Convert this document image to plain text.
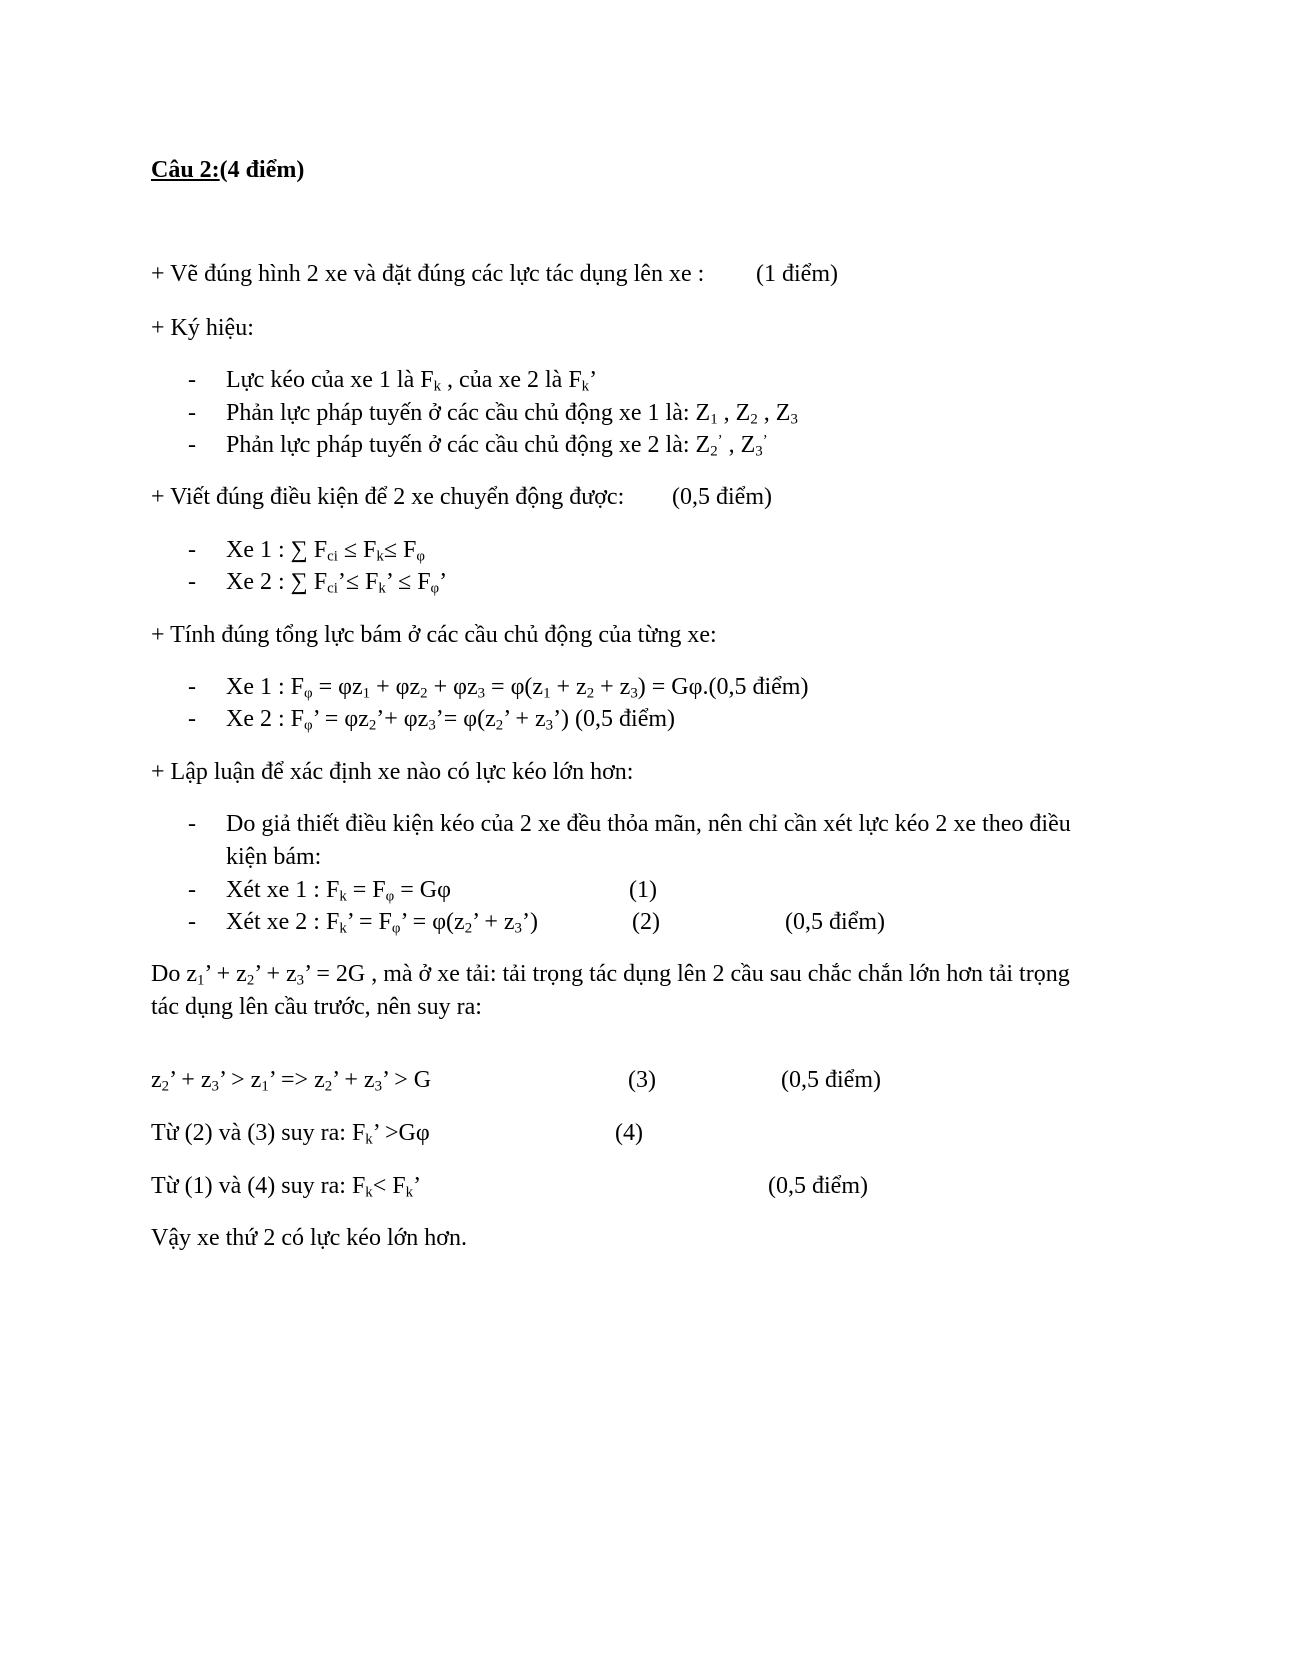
Câu 2:(4 điểm)
+ Vẽ đúng hình 2 xe và đặt đúng các lực tác dụng lên xe : (1 điểm)
+ Ký hiệu:
- Lực kéo của xe 1 là $F_k$ , của xe 2 là $F_k$’
- Phản lực pháp tuyến ở các cầu chủ động xe 1 là: $Z_1$ , $Z_2$ , $Z_3$
- Phản lực pháp tuyến ở các cầu chủ động xe 2 là: $Z_2^’$ , $Z_3^’$
+ Viết đúng điều kiện để 2 xe chuyển động được: (0,5 điểm)
- Xe 1 : ∑ $F_{ci} \le F_k\le F_\varphi$
- Xe 2 : ∑ $F_{ci}’\le F_k$’ ≤ $F_\varphi$’
+ Tính đúng tổng lực bám ở các cầu chủ động của từng xe:
- Xe 1 : $F_\varphi = \varphi z_1 + \varphi z_2 + \varphi z_3 = \varphi(z_1 + z_2 + z_3) = G\varphi.(0,5$ điểm)
- Xe 2 : $F_\varphi$’ = $\varphi z_2’+$ $\varphi z_3’= \varphi(z_2$’ + $z_3$’) (0,5 điểm)
+ Lập luận để xác định xe nào có lực kéo lớn hơn:
- Do giả thiết điều kiện kéo của 2 xe đều thỏa mãn, nên chỉ cần xét lực kéo 2 xe theo điều
kiện bám:
- Xét xe 1 : $F_k = F_\varphi = G\varphi$	(1)
- Xét xe 2 : $F_k$’ = $F_\varphi$’ = $\varphi(z_2$’ + $z_3$’)	(2)	(0,5 điểm)
Do $z_1$’ + $z_2$’ + $z_3$’ = 2G , mà ở xe tải: tải trọng tác dụng lên 2 cầu sau chắc chắn lớn hơn tải trọng
tác dụng lên cầu trước, nên suy ra:
$z_2$’ + $z_3$’ > $z_1$’ => $z_2$’ + $z_3$’ > G	(3)	(0,5 điểm)
Từ (2) và (3) suy ra: $F_k$’ >Gφ	(4)
Từ (1) và (4) suy ra: $F_k< F_k$’	(0,5 điểm)
Vậy xe thứ 2 có lực kéo lớn hơn.
